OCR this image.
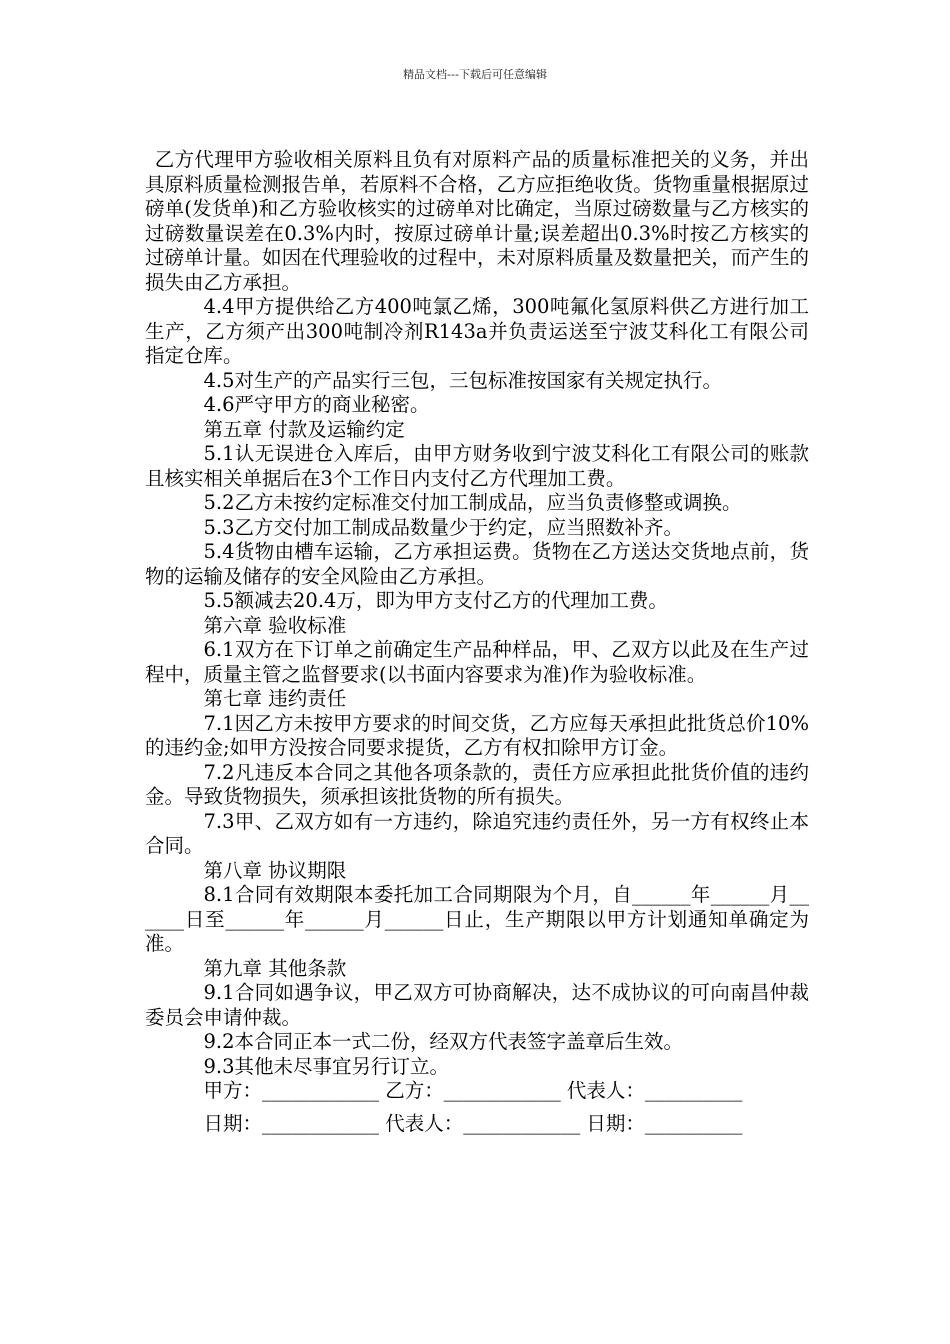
精品文档---下载后可任意编辑

乙方代理甲方验收相关原料且负有对原料产品的质量标准把关的义务，并出具原料质量检测报告单，若原料不合格，乙方应拒绝收货。货物重量根据原过磅单(发货单)和乙方验收核实的过磅单对比确定，当原过磅数量与乙方核实的过磅数量误差在0.3%内时，按原过磅单计量;误差超出0.3%时按乙方核实的过磅单计量。如因在代理验收的过程中，未对原料质量及数量把关，而产生的损失由乙方承担。

4.4甲方提供给乙方400吨氯乙烯，300吨氟化氢原料供乙方进行加工生产，乙方须产出300吨制冷剂R143a并负责运送至宁波艾科化工有限公司指定仓库。

4.5对生产的产品实行三包，三包标准按国家有关规定执行。

4.6严守甲方的商业秘密。

第五章 付款及运输约定

5.1认无误进仓入库后，由甲方财务收到宁波艾科化工有限公司的账款且核实相关单据后在3个工作日内支付乙方代理加工费。

5.2乙方未按约定标准交付加工制成品，应当负责修整或调换。

5.3乙方交付加工制成品数量少于约定，应当照数补齐。

5.4货物由槽车运输，乙方承担运费。货物在乙方送达交货地点前，货物的运输及储存的安全风险由乙方承担。

5.5额减去20.4万，即为甲方支付乙方的代理加工费。

第六章 验收标准

6.1双方在下订单之前确定生产品种样品，甲、乙双方以此及在生产过程中，质量主管之监督要求(以书面内容要求为准)作为验收标准。

第七章 违约责任

7.1因乙方未按甲方要求的时间交货，乙方应每天承担此批货总价10%的违约金;如甲方没按合同要求提货，乙方有权扣除甲方订金。

7.2凡违反本合同之其他各项条款的，责任方应承担此批货价值的违约金。导致货物损失，须承担该批货物的所有损失。

7.3甲、乙双方如有一方违约，除追究违约责任外，另一方有权终止本合同。

第八章 协议期限

8.1合同有效期限本委托加工合同期限为个月，自______年______月______日至______年______月______日止，生产期限以甲方计划通知单确定为准。

第九章 其他条款

9.1合同如遇争议，甲乙双方可协商解决，达不成协议的可向南昌仲裁委员会申请仲裁。

9.2本合同正本一式二份，经双方代表签字盖章后生效。

9.3其他未尽事宜另行订立。

甲方：____________ 乙方：____________ 代表人：__________

日期：____________ 代表人：____________ 日期：__________
